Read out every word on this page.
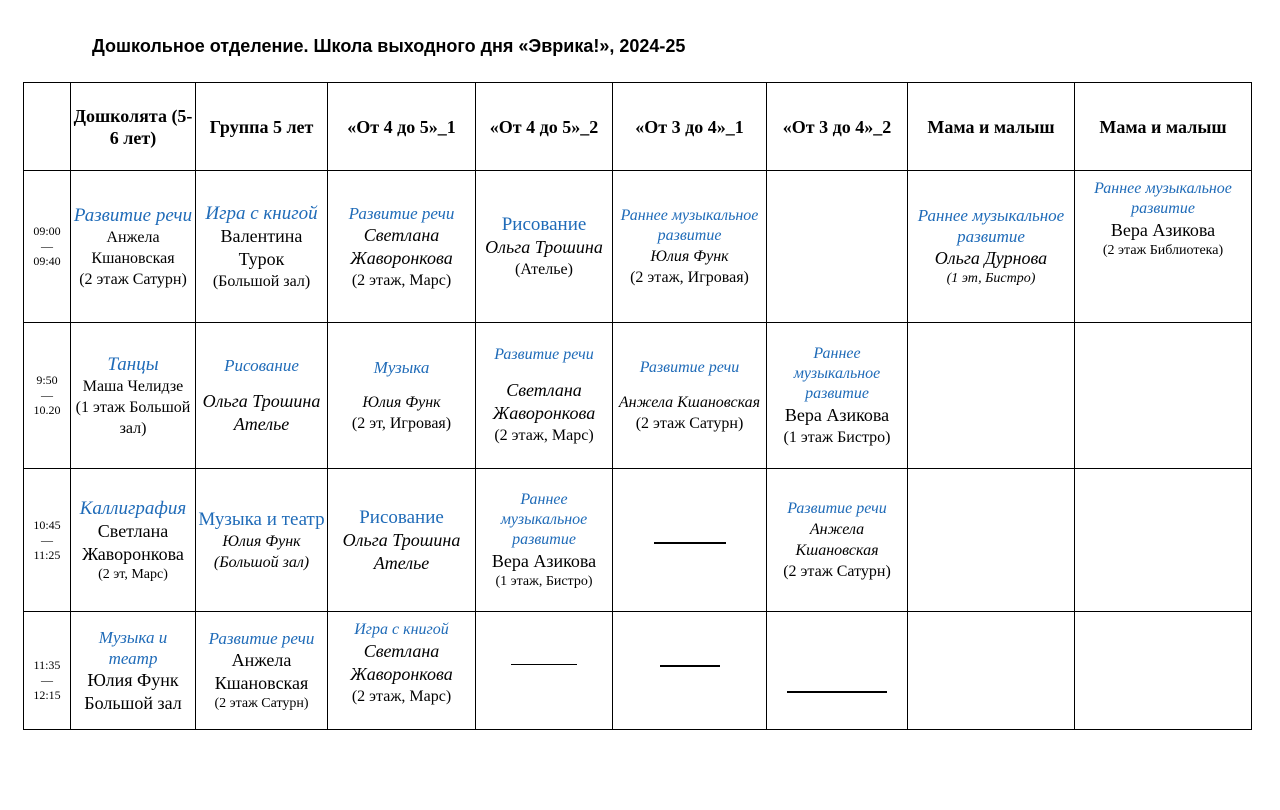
Дошкольное отделение. Школа выходного дня «Эврика!», 2024-25
	Дошколята (5-6 лет)	Группа 5 лет	«От 4 до 5»_1	«От 4 до 5»_2	«От 3 до 4»_1	«От 3 до 4»_2	Мама и малыш	Мама и малыш

09:00
—
09:40	Развитие речи
Анжела Кшановская
(2 этаж Сатурн)	Игра с книгой
Валентина Турок
(Большой зал)	Развитие речи
Светлана Жаворонкова
(2 этаж, Марс)	Рисование
Ольга Трошина
(Ателье)	Раннее музыкальное развитие
Юлия Функ
(2 этаж, Игровая)		Раннее музыкальное развитие
Ольга Дурнова
(1 эт, Бистро)	Раннее музыкальное развитие
Вера Азикова
(2 этаж Библиотека)

9:50
—
10.20	Танцы
Маша Челидзе
(1 этаж Большой зал)	Рисование
Ольга Трошина
Ателье	Музыка
Юлия Функ
(2 эт, Игровая)	Развитие речи
Светлана Жаворонкова
(2 этаж, Марс)	Развитие речи
Анжела Кшановская
(2 этаж Сатурн)	Раннее музыкальное развитие
Вера Азикова
(1 этаж Бистро)		

10:45
—
11:25	Каллиграфия
Светлана Жаворонкова
(2 эт, Марс)	Музыка и театр
Юлия Функ
(Большой зал)	Рисование
Ольга Трошина
Ателье	Раннее музыкальное развитие
Вера Азикова
(1 этаж, Бистро)		Развитие речи
Анжела Кшановская
(2 этаж Сатурн)		

11:35
—
12:15	Музыка и театр
Юлия Функ
Большой зал	Развитие речи
Анжела Кшановская
(2 этаж Сатурн)	Игра с книгой
Светлана Жаворонкова
(2 этаж, Марс)					
